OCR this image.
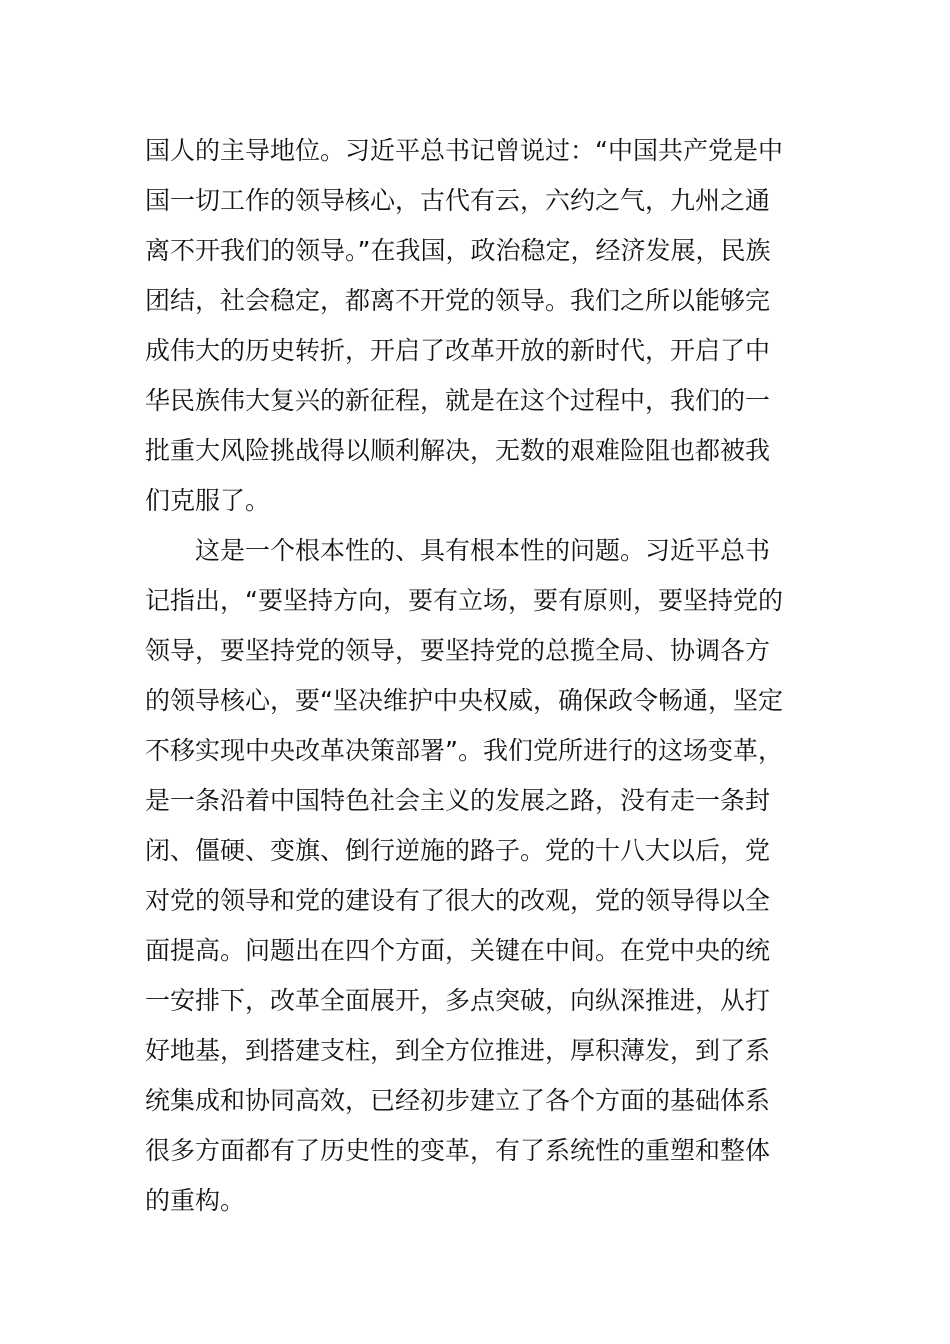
国人的主导地位。习近平总书记曾说过：“中国共产党是中
国一切工作的领导核心，古代有云，六约之气，九州之通
离不开我们的领导。”在我国，政治稳定，经济发展，民族
团结，社会稳定，都离不开党的领导。我们之所以能够完
成伟大的历史转折，开启了改革开放的新时代，开启了中
华民族伟大复兴的新征程，就是在这个过程中，我们的一
批重大风险挑战得以顺利解决，无数的艰难险阻也都被我
们克服了。
　　这是一个根本性的、具有根本性的问题。习近平总书
记指出，“要坚持方向，要有立场，要有原则，要坚持党的
领导，要坚持党的领导，要坚持党的总揽全局、协调各方
的领导核心，要“坚决维护中央权威，确保政令畅通，坚定
不移实现中央改革决策部署”。我们党所进行的这场变革，
是一条沿着中国特色社会主义的发展之路，没有走一条封
闭、僵硬、变旗、倒行逆施的路子。党的十八大以后，党
对党的领导和党的建设有了很大的改观，党的领导得以全
面提高。问题出在四个方面，关键在中间。在党中央的统
一安排下，改革全面展开，多点突破，向纵深推进，从打
好地基，到搭建支柱，到全方位推进，厚积薄发，到了系
统集成和协同高效，已经初步建立了各个方面的基础体系
很多方面都有了历史性的变革，有了系统性的重塑和整体
的重构。
